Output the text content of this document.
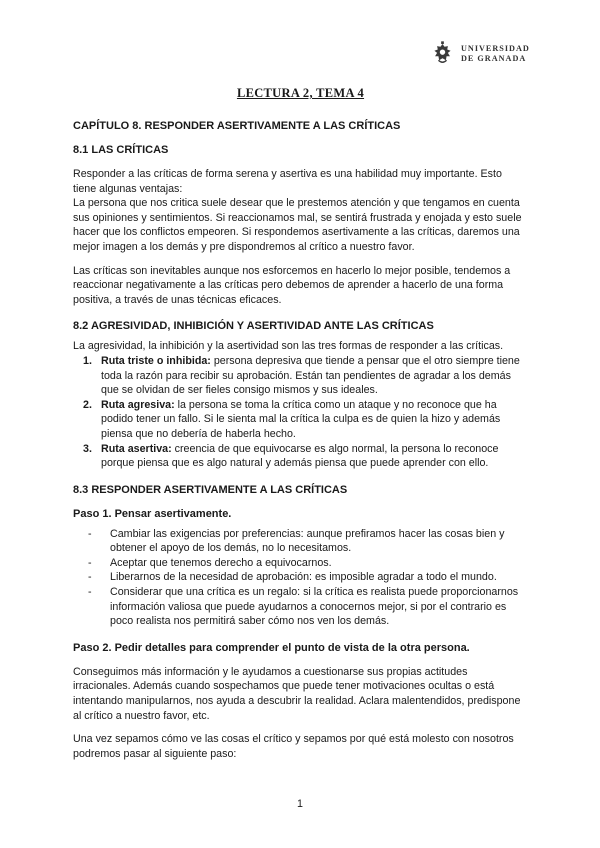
UNIVERSIDAD
DE GRANADA
LECTURA 2, TEMA 4
CAPÍTULO 8. RESPONDER ASERTIVAMENTE A LAS CRÍTICAS
8.1 LAS CRÍTICAS

Responder a las críticas de forma serena y asertiva es una habilidad muy importante. Esto tiene algunas ventajas:

La persona que nos critica suele desear que le prestemos atención y que tengamos en cuenta sus opiniones y sentimientos. Si reaccionamos mal, se sentirá frustrada y enojada y esto suele hacer que los conflictos empeoren. Si respondemos asertivamente a las críticas, daremos una mejor imagen a los demás y pre dispondremos al crítico a nuestro favor.

Las críticas son inevitables aunque nos esforcemos en hacerlo lo mejor posible, tendemos a reaccionar negativamente a las críticas pero debemos de aprender a hacerlo de una forma positiva, a través de unas técnicas eficaces.

8.2 AGRESIVIDAD, INHIBICIÓN Y ASERTIVIDAD ANTE LAS CRÍTICAS

La agresividad, la inhibición y la asertividad son las tres formas de responder a las críticas.

1. Ruta triste o inhibida: persona depresiva que tiende a pensar que el otro siempre tiene toda la razón para recibir su aprobación. Están tan pendientes de agradar a los demás que se olvidan de ser fieles consigo mismos y sus ideales.
2. Ruta agresiva: la persona se toma la crítica como un ataque y no reconoce que ha podido tener un fallo. Si le sienta mal la crítica la culpa es de quien la hizo y además piensa que no debería de haberla hecho.
3. Ruta asertiva: creencia de que equivocarse es algo normal, la persona lo reconoce porque piensa que es algo natural y además piensa que puede aprender con ello.
8.3 RESPONDER ASERTIVAMENTE A LAS CRÍTICAS
Paso 1. Pensar asertivamente.
- Cambiar las exigencias por preferencias: aunque prefiramos hacer las cosas bien y obtener el apoyo de los demás, no lo necesitamos.
- Aceptar que tenemos derecho a equivocarnos.
- Liberarnos de la necesidad de aprobación: es imposible agradar a todo el mundo.
- Considerar que una crítica es un regalo: si la crítica es realista puede proporcionarnos información valiosa que puede ayudarnos a conocernos mejor, si por el contrario es poco realista nos permitirá saber cómo nos ven los demás.
Paso 2. Pedir detalles para comprender el punto de vista de la otra persona.

Conseguimos más información y le ayudamos a cuestionarse sus propias actitudes irracionales. Además cuando sospechamos que puede tener motivaciones ocultas o está intentando manipularnos, nos ayuda a descubrir la realidad. Aclara malentendidos, predispone al crítico a nuestro favor, etc.

Una vez sepamos cómo ve las cosas el crítico y sepamos por qué está molesto con nosotros podremos pasar al siguiente paso:

1
